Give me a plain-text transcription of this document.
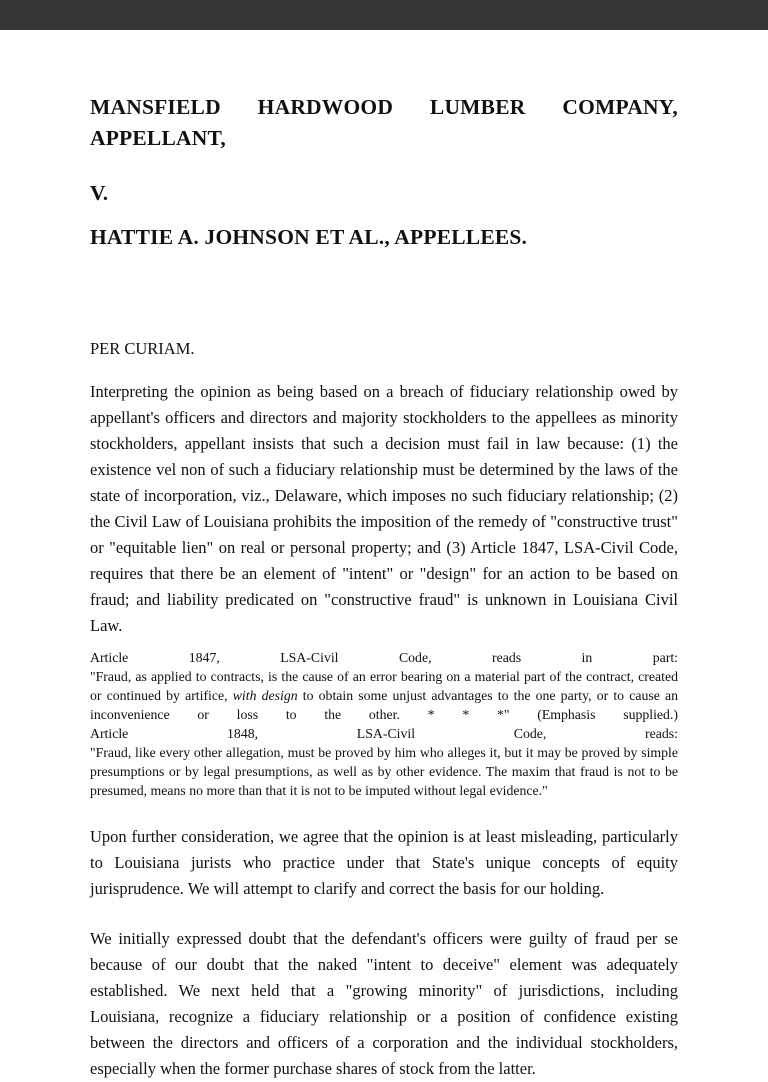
MANSFIELD HARDWOOD LUMBER COMPANY, APPELLANT,
V.
HATTIE A. JOHNSON ET AL., APPELLEES.
PER CURIAM.
Interpreting the opinion as being based on a breach of fiduciary relationship owed by appellant's officers and directors and majority stockholders to the appellees as minority stockholders, appellant insists that such a decision must fail in law because: (1) the existence vel non of such a fiduciary relationship must be determined by the laws of the state of incorporation, viz., Delaware, which imposes no such fiduciary relationship; (2) the Civil Law of Louisiana prohibits the imposition of the remedy of "constructive trust" or "equitable lien" on real or personal property; and (3) Article 1847, LSA-Civil Code, requires that there be an element of "intent" or "design" for an action to be based on fraud; and liability predicated on "constructive fraud" is unknown in Louisiana Civil Law.
Article 1847, LSA-Civil Code, reads in part:
"Fraud, as applied to contracts, is the cause of an error bearing on a material part of the contract, created or continued by artifice, with design to obtain some unjust advantages to the one party, or to cause an inconvenience or loss to the other. * * *" (Emphasis supplied.)
Article 1848, LSA-Civil Code, reads:
"Fraud, like every other allegation, must be proved by him who alleges it, but it may be proved by simple presumptions or by legal presumptions, as well as by other evidence. The maxim that fraud is not to be presumed, means no more than that it is not to be imputed without legal evidence."
Upon further consideration, we agree that the opinion is at least misleading, particularly to Louisiana jurists who practice under that State's unique concepts of equity jurisprudence. We will attempt to clarify and correct the basis for our holding.
We initially expressed doubt that the defendant's officers were guilty of fraud per se because of our doubt that the naked "intent to deceive" element was adequately established. We next held that a "growing minority" of jurisdictions, including Louisiana, recognize a fiduciary relationship or a position of confidence existing between the directors and officers of a corporation and the individual stockholders, especially when the former purchase shares of stock from the latter.
